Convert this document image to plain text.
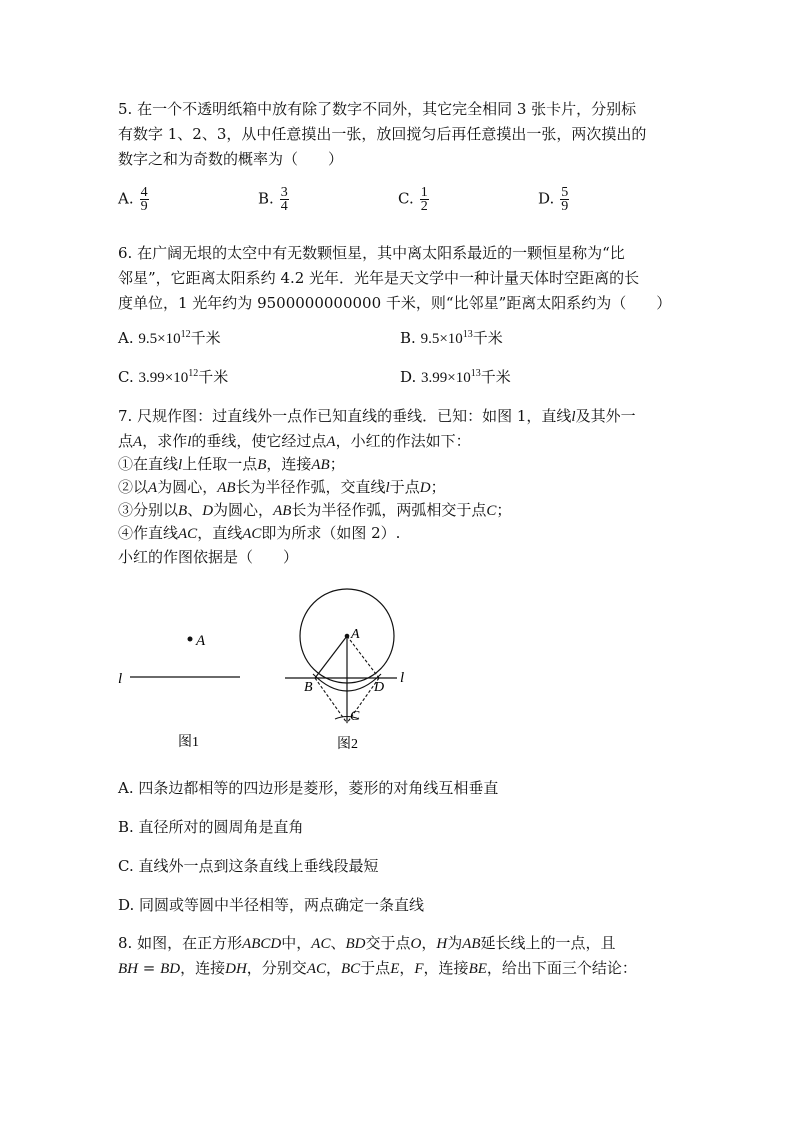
5. 在一个不透明纸箱中放有除了数字不同外，其它完全相同 3 张卡片，分别标
有数字 1、2、3，从中任意摸出一张，放回搅匀后再任意摸出一张，两次摸出的
数字之和为奇数的概率为（　　）
A. $\frac{4}{9}$	B. $\frac{3}{4}$	C. $\frac{1}{2}$	D. $\frac{5}{9}$
6. 在广阔无垠的太空中有无数颗恒星，其中离太阳系最近的一颗恒星称为“比
邻星”，它距离太阳系约 4.2 光年．光年是天文学中一种计量天体时空距离的长
度单位，1 光年约为 9500000000000 千米，则“比邻星”距离太阳系约为（　　）
A. $9.5\times 10^{12}$千米	B. $9.5\times 10^{13}$千米
C. $3.99\times 10^{12}$千米	D. $3.99\times 10^{13}$千米
7. 尺规作图：过直线外一点作已知直线的垂线．已知：如图 1，直线l及其外一
点A，求作l的垂线，使它经过点A，小红的作法如下：
①在直线l上任取一点B，连接AB；
②以A为圆心，AB长为半径作弧，交直线l于点D；
③分别以B、D为圆心，AB长为半径作弧，两弧相交于点C；
④作直线AC，直线AC即为所求（如图 2）.
小红的作图依据是（　　）
A
l
图1
A
B	D
C
l
图2
A. 四条边都相等的四边形是菱形，菱形的对角线互相垂直
B. 直径所对的圆周角是直角
C. 直线外一点到这条直线上垂线段最短
D. 同圆或等圆中半径相等，两点确定一条直线
8. 如图，在正方形ABCD中，AC、BD交于点O，H为AB延长线上的一点，且
BH = BD，连接DH，分别交AC，BC于点E，F，连接BE，给出下面三个结论：
